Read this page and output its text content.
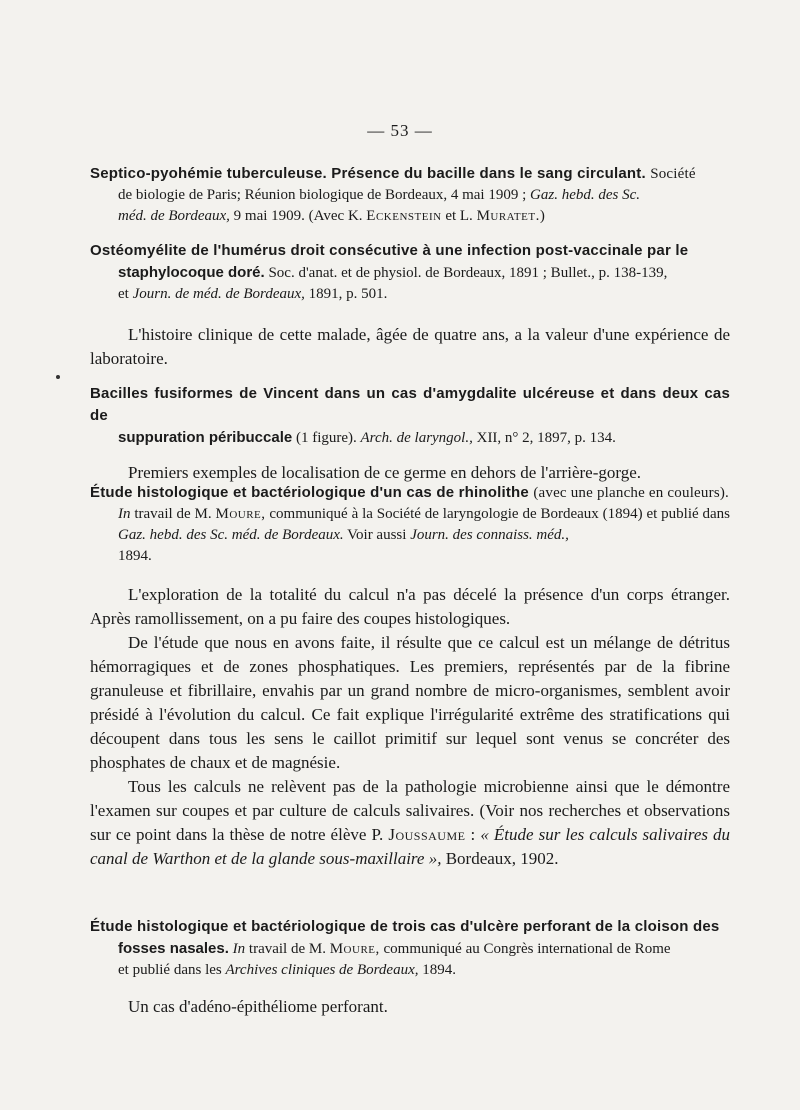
— 53 —

Septico-pyohémie tuberculeuse. Présence du bacille dans le sang circulant. Société

de biologie de Paris; Réunion biologique de Bordeaux, 4 mai 1909 ; Gaz. hebd. des Sc.
méd. de Bordeaux, 9 mai 1909. (Avec K. Eckenstein et L. Muratet.)

Ostéomyélite de l'humérus droit consécutive à une infection post-vaccinale par le

staphylocoque doré. Soc. d'anat. et de physiol. de Bordeaux, 1891 ; Bullet., p. 138-139,
et Journ. de méd. de Bordeaux, 1891, p. 501.

L'histoire clinique de cette malade, âgée de quatre ans, a la valeur d'une expérience de laboratoire.

Bacilles fusiformes de Vincent dans un cas d'amygdalite ulcéreuse et dans deux cas de

suppuration péribuccale (1 figure). Arch. de laryngol., XII, n° 2, 1897, p. 134.

Premiers exemples de localisation de ce germe en dehors de l'arrière-gorge.

Étude histologique et bactériologique d'un cas de rhinolithe (avec une planche en couleurs).

In travail de M. Moure, communiqué à la Société de laryngologie de Bordeaux (1894) et publié dans Gaz. hebd. des Sc. méd. de Bordeaux. Voir aussi Journ. des connaiss. méd.,
1894.

L'exploration de la totalité du calcul n'a pas décelé la présence d'un corps étranger. Après ramollissement, on a pu faire des coupes histologiques.

De l'étude que nous en avons faite, il résulte que ce calcul est un mélange de détritus hémorragiques et de zones phosphatiques. Les premiers, représentés par de la fibrine granuleuse et fibrillaire, envahis par un grand nombre de micro-organismes, semblent avoir présidé à l'évolution du calcul. Ce fait explique l'irrégularité extrême des stratifications qui découpent dans tous les sens le caillot primitif sur lequel sont venus se concréter des phosphates de chaux et de magnésie.

Tous les calculs ne relèvent pas de la pathologie microbienne ainsi que le démontre l'examen sur coupes et par culture de calculs salivaires. (Voir nos recherches et observations sur ce point dans la thèse de notre élève P. Joussaume : « Étude sur les calculs salivaires du canal de Warthon et de la glande sous-maxillaire », Bordeaux, 1902.

Étude histologique et bactériologique de trois cas d'ulcère perforant de la cloison des

fosses nasales. In travail de M. Moure, communiqué au Congrès international de Rome
et publié dans les Archives cliniques de Bordeaux, 1894.

Un cas d'adéno-épithéliome perforant.
